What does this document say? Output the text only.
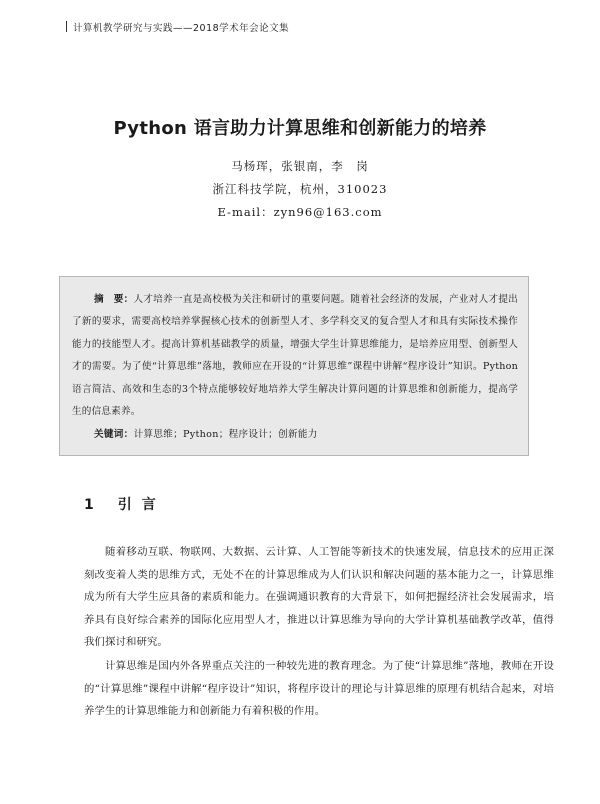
计算机教学研究与实践——2018学术年会论文集
Python 语言助力计算思维和创新能力的培养
马杨珲，张银南，李　岗
浙江科技学院，杭州，310023
E-mail：zyn96@163.com

摘　要：人才培养一直是高校极为关注和研讨的重要问题。随着社会经济的发展，产业对人才提出了新的要求，需要高校培养掌握核心技术的创新型人才、多学科交叉的复合型人才和具有实际技术操作能力的技能型人才。提高计算机基础教学的质量，增强大学生计算思维能力，是培养应用型、创新型人才的需要。为了使“计算思维”落地，教师应在开设的“计算思维”课程中讲解“程序设计”知识。Python语言简洁、高效和生态的3个特点能够较好地培养大学生解决计算问题的计算思维和创新能力，提高学生的信息素养。

关键词：计算思维；Python；程序设计；创新能力
1 引言

随着移动互联、物联网、大数据、云计算、人工智能等新技术的快速发展，信息技术的应用正深刻改变着人类的思维方式，无处不在的计算思维成为人们认识和解决问题的基本能力之一，计算思维成为所有大学生应具备的素质和能力。在强调通识教育的大背景下，如何把握经济社会发展需求，培养具有良好综合素养的国际化应用型人才，推进以计算思维为导向的大学计算机基础教学改革，值得我们探讨和研究。

计算思维是国内外各界重点关注的一种较先进的教育理念。为了使“计算思维”落地，教师在开设的“计算思维”课程中讲解“程序设计”知识，将程序设计的理论与计算思维的原理有机结合起来，对培养学生的计算思维能力和创新能力有着积极的作用。
